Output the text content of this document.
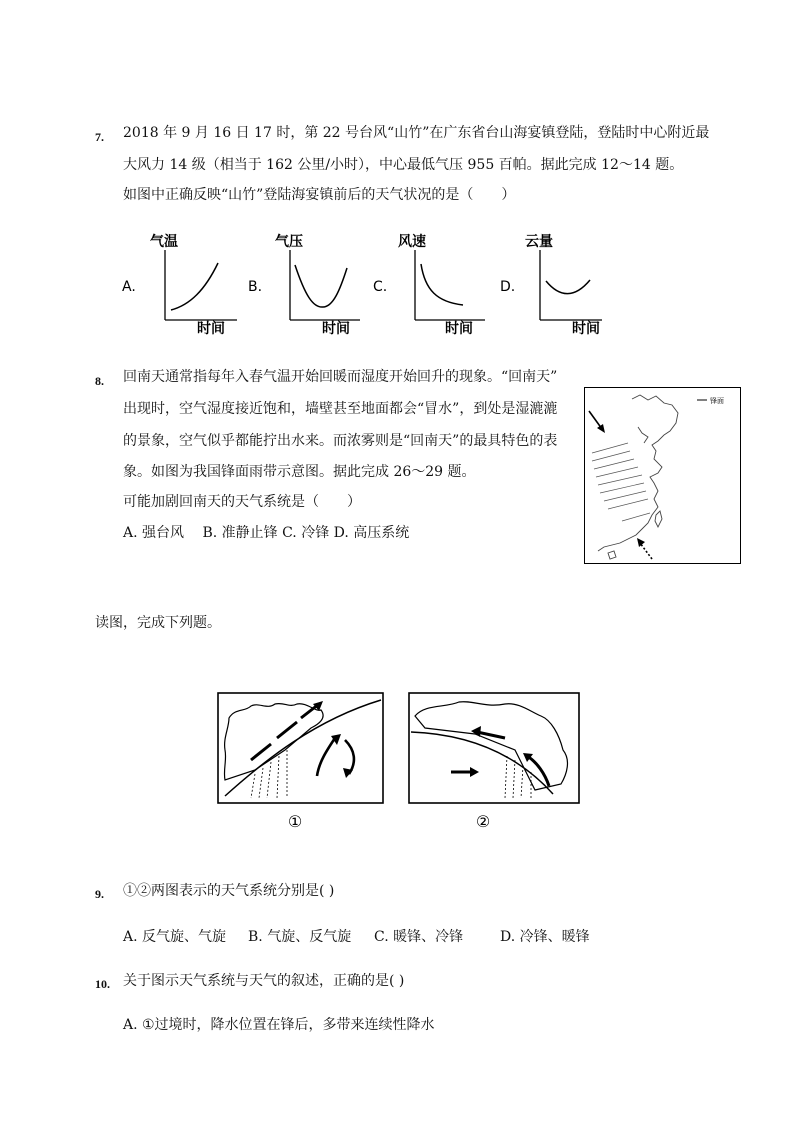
7. 2018 年 9 月 16 日 17 时，第 22 号台风“山竹”在广东省台山海宴镇登陆，登陆时中心附近最
大风力 14 级（相当于 162 公里/小时），中心最低气压 955 百帕。据此完成 12～14 题。
如图中正确反映“山竹”登陆海宴镇前后的天气状况的是（　　）
A.
气温
时间
B.
气压
时间
C.
风速
时间
D.
云量
时间
8. 回南天通常指每年入春气温开始回暖而湿度开始回升的现象。“回南天”
出现时，空气湿度接近饱和，墙壁甚至地面都会“冒水”，到处是湿漉漉
的景象，空气似乎都能拧出水来。而浓雾则是“回南天”的最具特色的表
象。如图为我国锋面雨带示意图。据此完成 26～29 题。
可能加剧回南天的天气系统是（　　）
A. 强台风　 B. 准静止锋 C. 冷锋 D. 高压系统
锋面
读图，完成下列题。
①	②
9. ①②两图表示的天气系统分别是( )
A. 反气旋、气旋 B. 气旋、反气旋 C. 暖锋、冷锋	D. 冷锋、暖锋
10. 关于图示天气系统与天气的叙述，正确的是( )
A. ①过境时，降水位置在锋后，多带来连续性降水
